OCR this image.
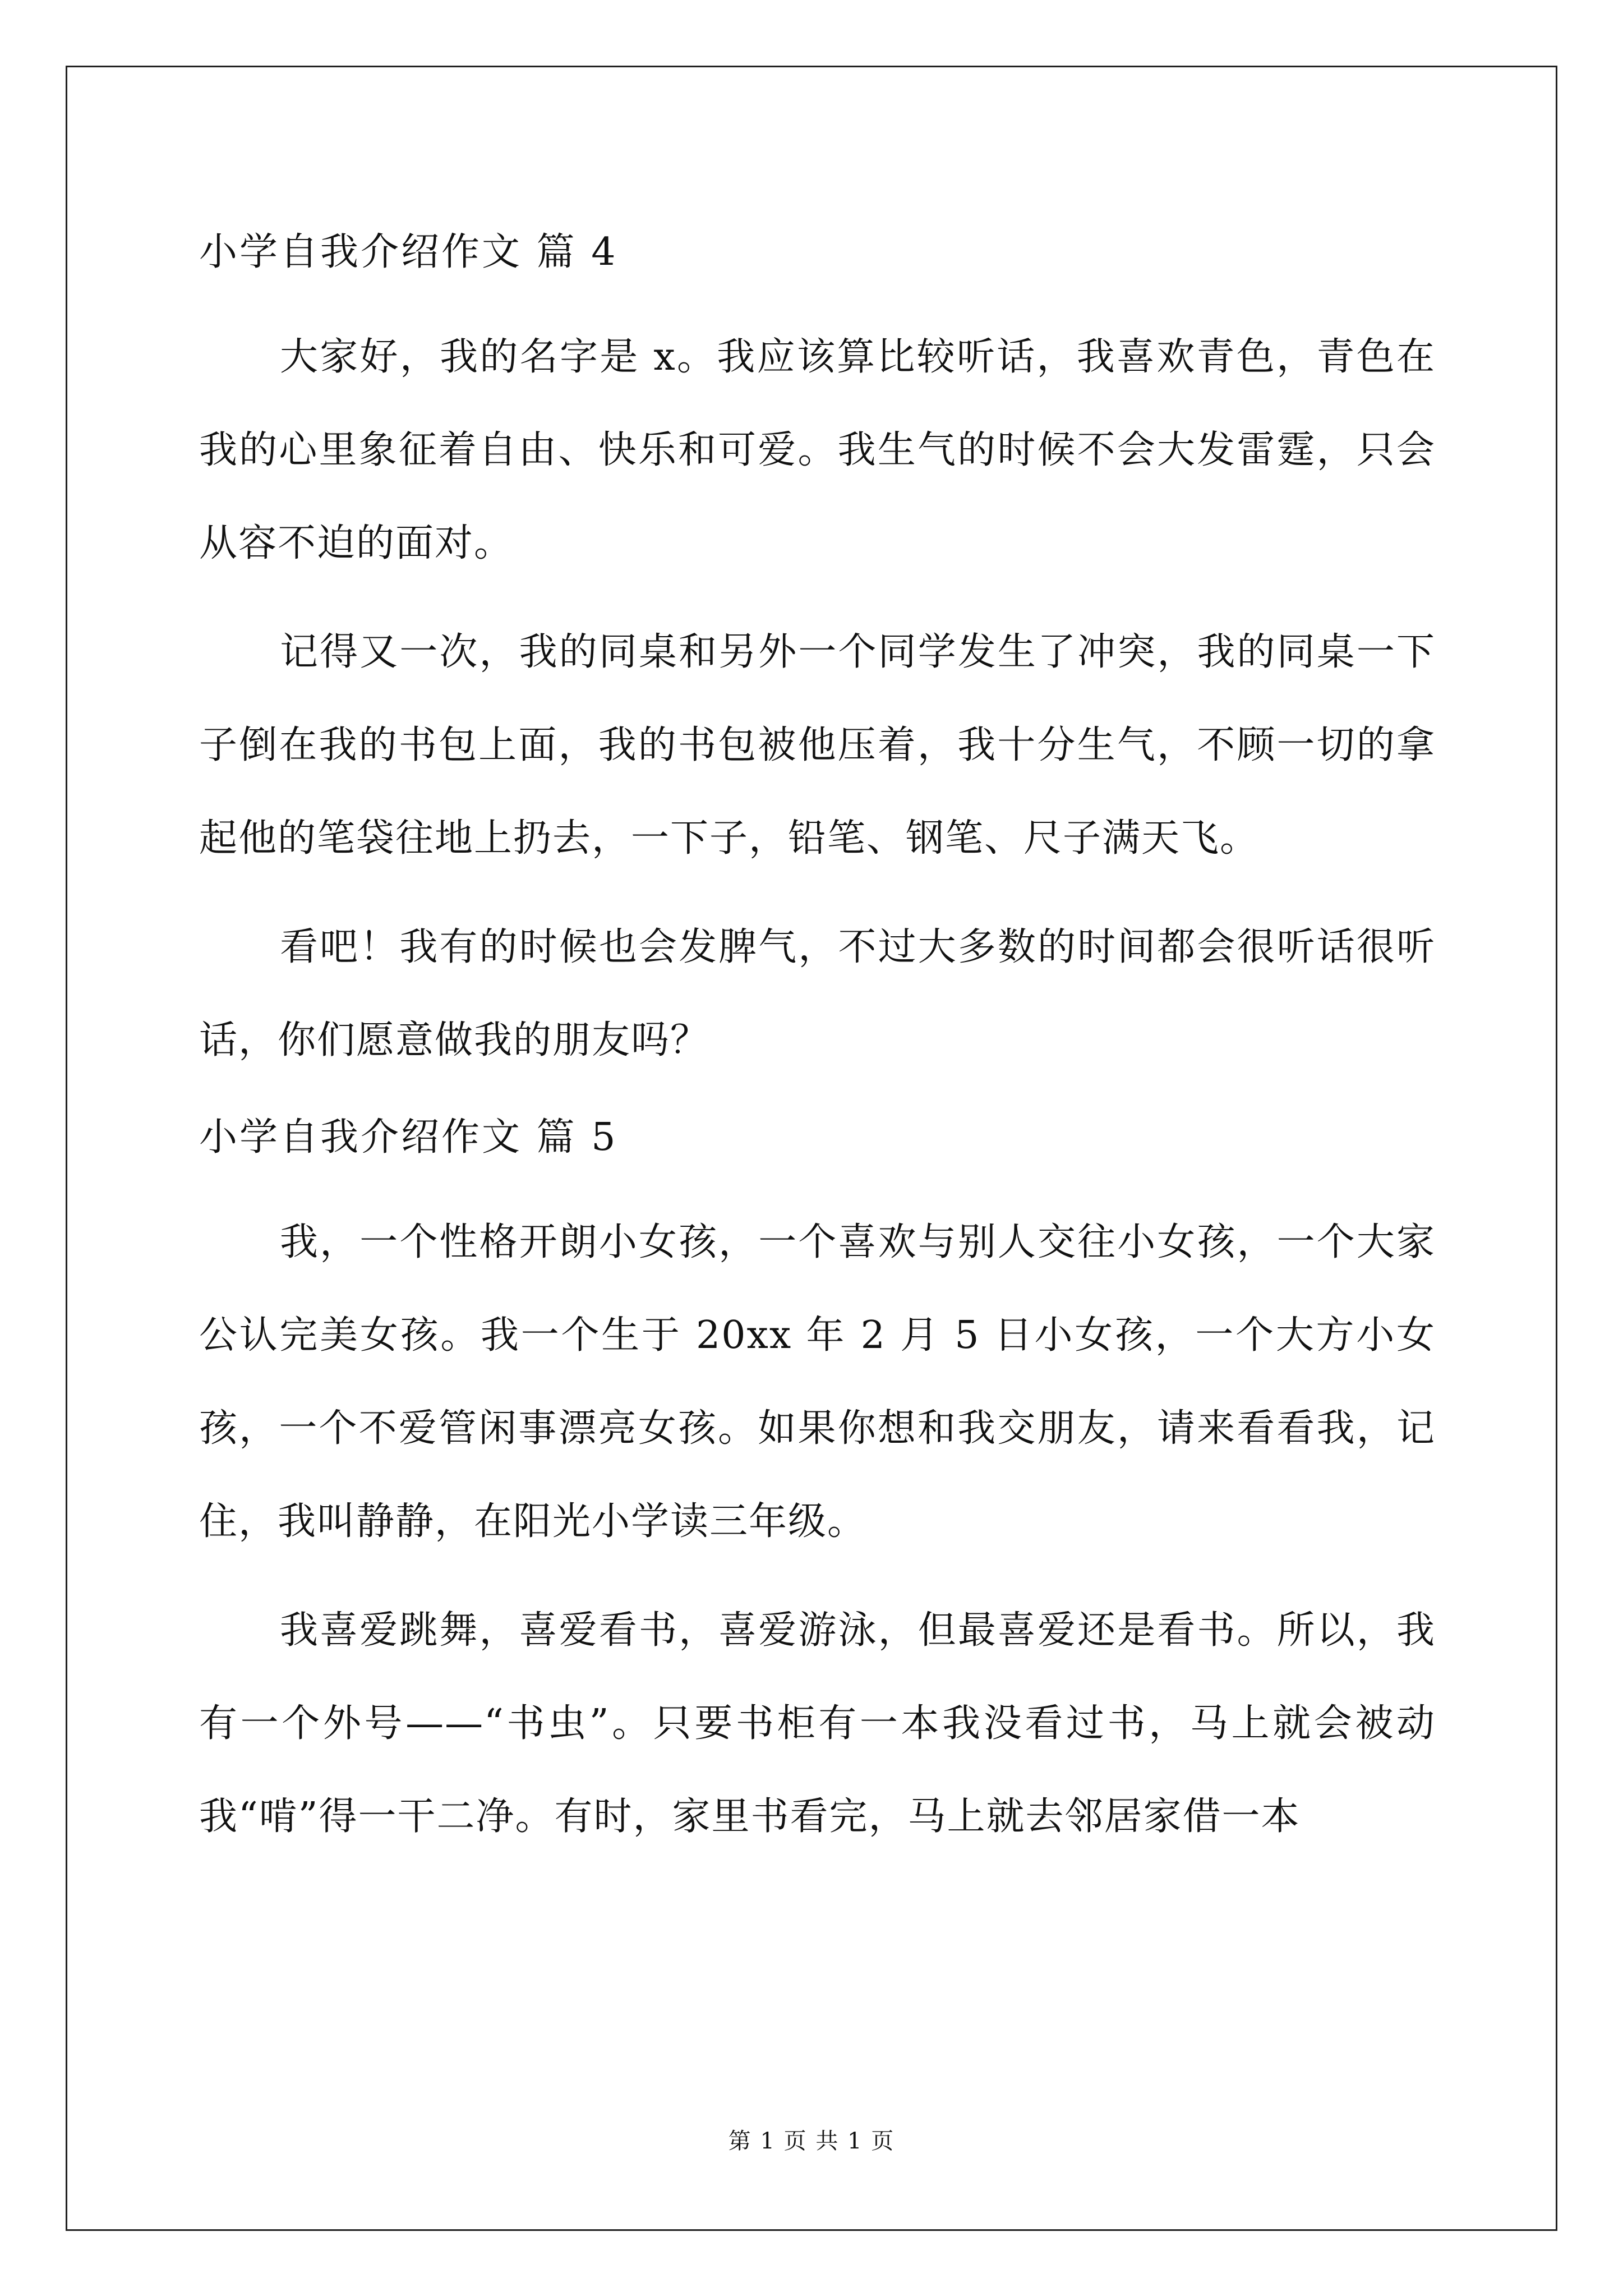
小学自我介绍作文 篇 4

大家好，我的名字是 x。我应该算比较听话，我喜欢青色，青色在我的心里象征着自由、快乐和可爱。我生气的时候不会大发雷霆，只会从容不迫的面对。

记得又一次，我的同桌和另外一个同学发生了冲突，我的同桌一下子倒在我的书包上面，我的书包被他压着，我十分生气，不顾一切的拿起他的笔袋往地上扔去，一下子，铅笔、钢笔、尺子满天飞。

看吧！我有的时候也会发脾气，不过大多数的时间都会很听话很听话，你们愿意做我的朋友吗？

小学自我介绍作文 篇 5

我，一个性格开朗小女孩，一个喜欢与别人交往小女孩，一个大家公认完美女孩。我一个生于 20xx 年 2 月 5 日小女孩，一个大方小女孩，一个不爱管闲事漂亮女孩。如果你想和我交朋友，请来看看我，记住，我叫静静，在阳光小学读三年级。

我喜爱跳舞，喜爱看书，喜爱游泳，但最喜爱还是看书。所以，我有一个外号——“书虫”。只要书柜有一本我没看过书，马上就会被动我“啃”得一干二净。有时，家里书看完，马上就去邻居家借一本

第 1 页 共 1 页
